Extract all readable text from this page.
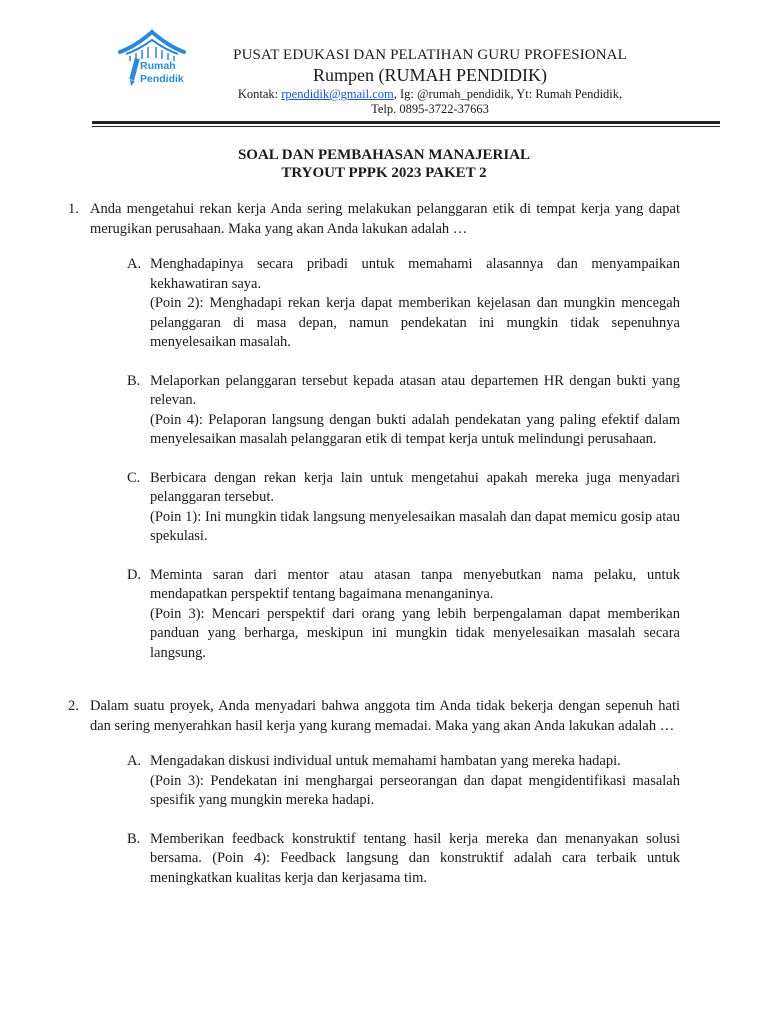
Rumah
Pendidik
PUSAT EDUKASI DAN PELATIHAN GURU PROFESIONAL
Rumpen (RUMAH PENDIDIK)
Kontak: rpendidik@gmail.com, Ig: @rumah_pendidik, Yt: Rumah Pendidik,
Telp. 0895-3722-37663
SOAL DAN PEMBAHASAN MANAJERIAL
TRYOUT PPPK 2023 PAKET 2
1. Anda mengetahui rekan kerja Anda sering melakukan pelanggaran etik di tempat kerja yang dapat merugikan perusahaan. Maka yang akan Anda lakukan adalah …

A. Menghadapinya secara pribadi untuk memahami alasannya dan menyampaikan kekhawatiran saya.

(Poin 2): Menghadapi rekan kerja dapat memberikan kejelasan dan mungkin mencegah pelanggaran di masa depan, namun pendekatan ini mungkin tidak sepenuhnya menyelesaikan masalah.

B. Melaporkan pelanggaran tersebut kepada atasan atau departemen HR dengan bukti yang relevan.

(Poin 4): Pelaporan langsung dengan bukti adalah pendekatan yang paling efektif dalam menyelesaikan masalah pelanggaran etik di tempat kerja untuk melindungi perusahaan.

C. Berbicara dengan rekan kerja lain untuk mengetahui apakah mereka juga menyadari pelanggaran tersebut.

(Poin 1): Ini mungkin tidak langsung menyelesaikan masalah dan dapat memicu gosip atau spekulasi.

D. Meminta saran dari mentor atau atasan tanpa menyebutkan nama pelaku, untuk mendapatkan perspektif tentang bagaimana menanganinya.

(Poin 3): Mencari perspektif dari orang yang lebih berpengalaman dapat memberikan panduan yang berharga, meskipun ini mungkin tidak menyelesaikan masalah secara langsung.

2. Dalam suatu proyek, Anda menyadari bahwa anggota tim Anda tidak bekerja dengan sepenuh hati dan sering menyerahkan hasil kerja yang kurang memadai. Maka yang akan Anda lakukan adalah …

A. Mengadakan diskusi individual untuk memahami hambatan yang mereka hadapi.

(Poin 3): Pendekatan ini menghargai perseorangan dan dapat mengidentifikasi masalah spesifik yang mungkin mereka hadapi.

B. Memberikan feedback konstruktif tentang hasil kerja mereka dan menanyakan solusi bersama. (Poin 4): Feedback langsung dan konstruktif adalah cara terbaik untuk meningkatkan kualitas kerja dan kerjasama tim.
